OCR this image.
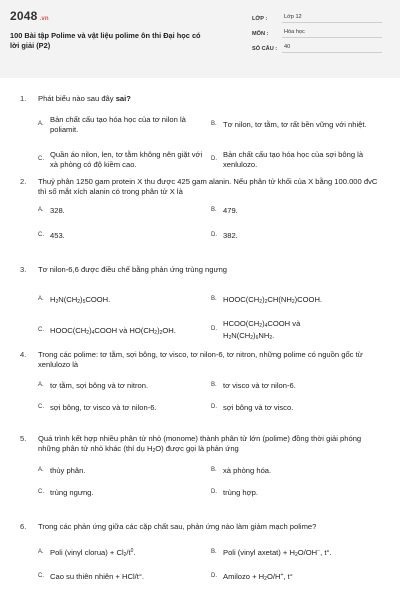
2048 .vn
100 Bài tập Polime và vật liệu polime ôn thi Đại học có lời giải (P2)
LỚP :	Lớp 12
MÔN :	Hóa học
SỐ CÂU :	40
1.	Phát biểu nào sau đây sai?
A. Bản chất cấu tạo hóa học của tơ nilon là poliamit.
B. Tơ nilon, tơ tằm, tơ rất bền vững với nhiệt.
C. Quần áo nilon, len, tơ tằm không nên giặt với xà phòng có độ kiềm cao.
D. Bản chất cấu tạo hóa học của sợi bông là xenlulozo.
2.	Thuỷ phân 1250 gam protein X thu được 425 gam alanin. Nếu phân tử khối của X bằng 100.000 đvC thì số mắt xích alanin có trong phân tử X là
A. 328.	B. 479.
C. 453.	D. 382.
3.	Tơ nilon-6,6 được điều chế bằng phản ứng trùng ngưng
A. $H_2N(CH_2)_5COOH$.	B. $HOOC(CH_2)_2CH(NH_2)COOH$.
C. $HOOC(CH_2)_4COOH$ và $HO(CH_2)_2OH$.	D.
$HCOO(CH_2)_4COOH$ và $H_2N(CH_2)_6NH_2$.
4.	Trong các polime: tơ tằm, sợi bông, tơ visco, tơ nilon-6, tơ nitron, những polime có nguồn gốc từ xenlulozo là
A. tơ tằm, sợi bông và tơ nitron.	B. tơ visco và tơ nilon-6.
C. sợi bông, tơ visco và tơ nilon-6.	D. sợi bông và tơ visco.
5.	Quá trình kết hợp nhiều phân tử nhỏ (monome) thành phân tử lớn (polime) đồng thời giải phóng những phân tử nhỏ khác (thí dụ $H_2O$) được gọi là phản ứng
A. thủy phân.	B. xà phòng hóa.
C. trùng ngưng.	D. trùng hợp.
6.	Trong các phản ứng giữa các cặp chất sau, phản ứng nào làm giảm mạch polime?
A. Poli (vinyl clorua) + $Cl_2/t^0$.	B. Poli (vinyl axetat) + $H_2O/OH^-$, t°.
C. Cao su thiên nhiên + HCl/t°.	D. Amilozo + $H_2O/H^+$, t°
